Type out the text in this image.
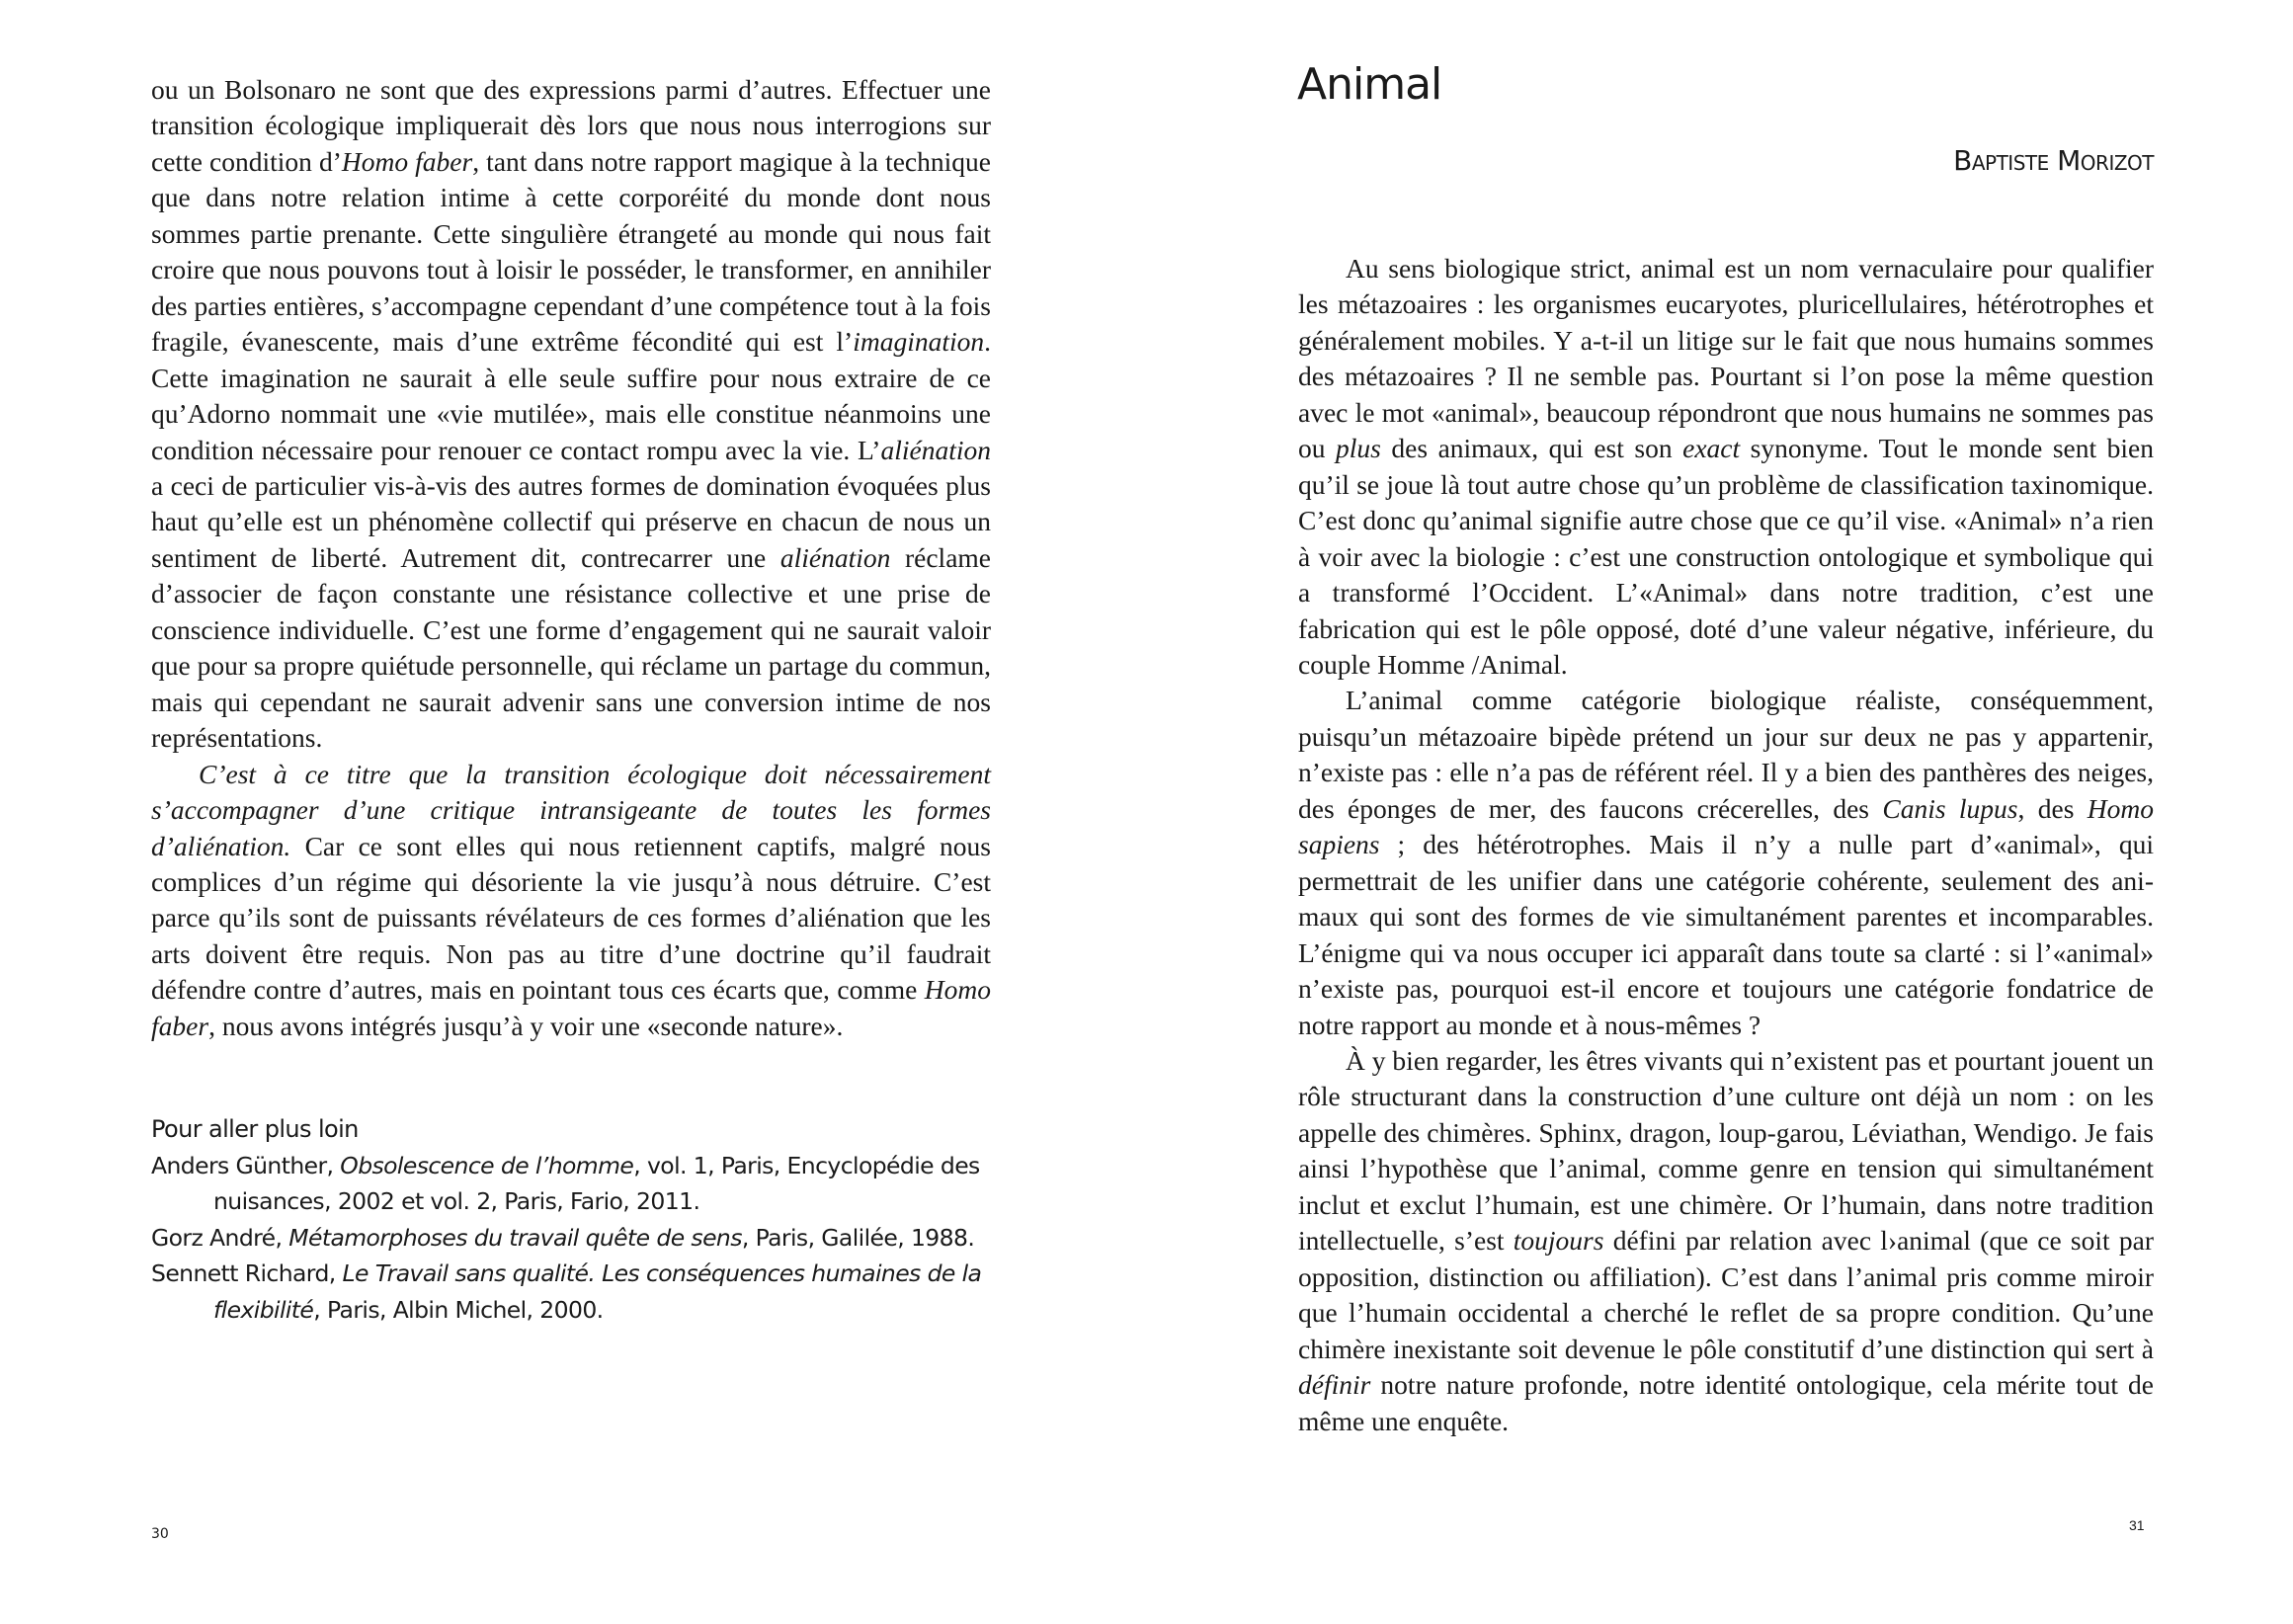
ou un Bolsonaro ne sont que des expressions parmi d’autres. Effectuer une transition écologique impliquerait dès lors que nous nous interrogions sur cette condition d’Homo faber, tant dans notre rapport magique à la technique que dans notre relation intime à cette corporéité du monde dont nous sommes partie prenante. Cette singulière étrangeté au monde qui nous fait croire que nous pouvons tout à loisir le posséder, le transformer, en annihiler des parties entières, s’accompagne cependant d’une compétence tout à la fois fragile, évanescente, mais d’une extrême fécondité qui est l’imagination. Cette imagination ne saurait à elle seule suffire pour nous extraire de ce qu’Adorno nommait une «vie mutilée», mais elle constitue néanmoins une condition nécessaire pour renouer ce contact rompu avec la vie. L’aliénation a ceci de particulier vis-à-vis des autres formes de domination évoquées plus haut qu’elle est un phénomène collectif qui préserve en chacun de nous un sentiment de liberté. Autrement dit, contrecarrer une aliénation réclame d’associer de façon constante une résistance collective et une prise de conscience individuelle. C’est une forme d’engagement qui ne saurait valoir que pour sa propre quiétude personnelle, qui réclame un partage du commun, mais qui cependant ne saurait advenir sans une conversion intime de nos représentations.

C’est à ce titre que la transition écologique doit nécessairement s’accompagner d’une critique intransigeante de toutes les formes d’aliénation. Car ce sont elles qui nous retiennent captifs, malgré nous complices d’un régime qui désoriente la vie jusqu’à nous détruire. C’est parce qu’ils sont de puissants révélateurs de ces formes d’aliénation que les arts doivent être requis. Non pas au titre d’une doctrine qu’il faudrait défendre contre d’autres, mais en pointant tous ces écarts que, comme Homo faber, nous avons intégrés jusqu’à y voir une «seconde nature».

Pour aller plus loin

Anders Günther, Obsolescence de l’homme, vol. 1, Paris, Encyclopédie des nuisances, 2002 et vol. 2, Paris, Fario, 2011.

Gorz André, Métamorphoses du travail quête de sens, Paris, Galilée, 1988.

Sennett Richard, Le Travail sans qualité. Les conséquences humaines de la flexibilité, Paris, Albin Michel, 2000.

30
Animal

Baptiste Morizot

Au sens biologique strict, animal est un nom vernaculaire pour qualifier les métazoaires : les organismes eucaryotes, pluricellulaires, hétérotrophes et généralement mobiles. Y a-t-il un litige sur le fait que nous humains sommes des métazoaires ? Il ne semble pas. Pourtant si l’on pose la même question avec le mot «animal», beaucoup répondront que nous humains ne sommes pas ou plus des animaux, qui est son exact synonyme. Tout le monde sent bien qu’il se joue là tout autre chose qu’un problème de classification taxinomique. C’est donc qu’animal signifie autre chose que ce qu’il vise. «Animal» n’a rien à voir avec la biologie : c’est une construction ontologique et symbolique qui a transformé l’Occident. L’«Animal» dans notre tradition, c’est une fabrication qui est le pôle opposé, doté d’une valeur négative, inférieure, du couple Homme /Animal.

L’animal comme catégorie biologique réaliste, conséquemment, puisqu’un métazoaire bipède prétend un jour sur deux ne pas y appartenir, n’existe pas : elle n’a pas de référent réel. Il y a bien des panthères des neiges, des éponges de mer, des faucons crécerelles, des Canis lupus, des Homo sapiens ; des hétérotrophes. Mais il n’y a nulle part d’«animal», qui permettrait de les unifier dans une catégorie cohérente, seulement des animaux qui sont des formes de vie simultanément parentes et incomparables. L’énigme qui va nous occuper ici apparaît dans toute sa clarté : si l’«animal» n’existe pas, pourquoi est-il encore et toujours une catégorie fondatrice de notre rapport au monde et à nous-mêmes ?

À y bien regarder, les êtres vivants qui n’existent pas et pourtant jouent un rôle structurant dans la construction d’une culture ont déjà un nom : on les appelle des chimères. Sphinx, dragon, loup-garou, Léviathan, Wendigo. Je fais ainsi l’hypothèse que l’animal, comme genre en tension qui simultanément inclut et exclut l’humain, est une chimère. Or l’humain, dans notre tradition intellectuelle, s’est toujours défini par relation avec l›animal (que ce soit par opposition, distinction ou affiliation). C’est dans l’animal pris comme miroir que l’humain occidental a cherché le reflet de sa propre condition. Qu’une chimère inexistante soit devenue le pôle constitutif d’une distinction qui sert à définir notre nature profonde, notre identité ontologique, cela mérite tout de même une enquête.

31
